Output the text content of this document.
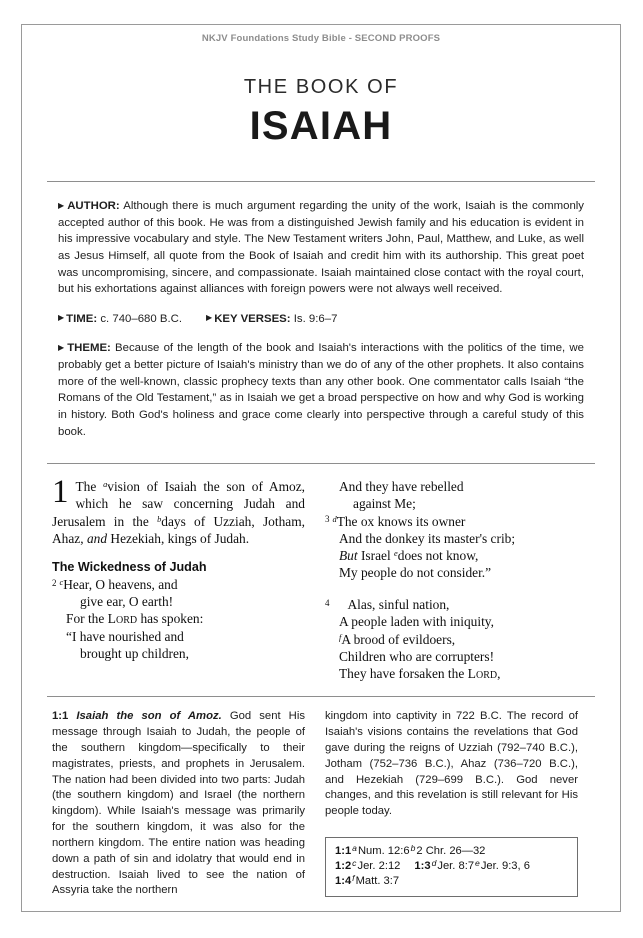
NKJV Foundations Study Bible - SECOND PROOFS
THE BOOK OF
ISAIAH

▶ AUTHOR: Although there is much argument regarding the unity of the work, Isaiah is the commonly accepted author of this book. He was from a distinguished Jewish family and his education is evident in his impressive vocabulary and style. The New Testament writers John, Paul, Matthew, and Luke, as well as Jesus Himself, all quote from the Book of Isaiah and credit him with its authorship. This great poet was uncompromising, sincere, and compassionate. Isaiah maintained close contact with the royal court, but his exhortations against alliances with foreign powers were not always well received.

▶ TIME: c. 740–680 B.C.	▶ KEY VERSES: Is. 9:6–7

▶ THEME: Because of the length of the book and Isaiah's interactions with the politics of the time, we probably get a better picture of Isaiah's ministry than we do of any of the other prophets. It also contains more of the well-known, classic prophecy texts than any other book. One commentator calls Isaiah “the Romans of the Old Testament,” as in Isaiah we get a broad perspective on how and why God is working in history. Both God's holiness and grace come clearly into perspective through a careful study of this book.

1 The $^a$vision of Isaiah the son of Amoz, which he saw concerning Judah and Jerusalem in the $^b$days of Uzziah, Jotham, Ahaz, and Hezekiah, kings of Judah.

The Wickedness of Judah
$^2$ $^c$Hear, O heavens, and
give ear, O earth!
For the Lord has spoken:
“I have nourished and
brought up children,
And they have rebelled
against Me;
$^3$ $^d$The ox knows its owner
And the donkey its master's crib;
But Israel $^e$does not know,
My people do not consider.”
$^4$ Alas, sinful nation,
A people laden with iniquity,
$^f$A brood of evildoers,
Children who are corrupters!
They have forsaken the Lord,
1:1 Isaiah the son of Amoz. God sent His message through Isaiah to Judah, the people of the southern kingdom—specifically to their magistrates, priests, and prophets in Jerusalem. The nation had been divided into two parts: Judah (the southern kingdom) and Israel (the northern kingdom). While Isaiah's message was primarily for the southern kingdom, it was also for the northern kingdom. The entire nation was heading down a path of sin and idolatry that would end in destruction. Isaiah lived to see the nation of Assyria take the northern
kingdom into captivity in 722 B.C. The record of Isaiah's visions contains the revelations that God gave during the reigns of Uzziah (792–740 B.C.), Jotham (752–736 B.C.), Ahaz (736–720 B.C.), and Hezekiah (729–699 B.C.). God never changes, and this revelation is still relevant for His people today.
1:1$^a$Num. 12:6$^b$2 Chr. 26—32
1:2$^c$Jer. 2:12 1:3$^d$Jer. 8:7eJer. 9:3, 6
1:4$^f$Matt. 3:7
